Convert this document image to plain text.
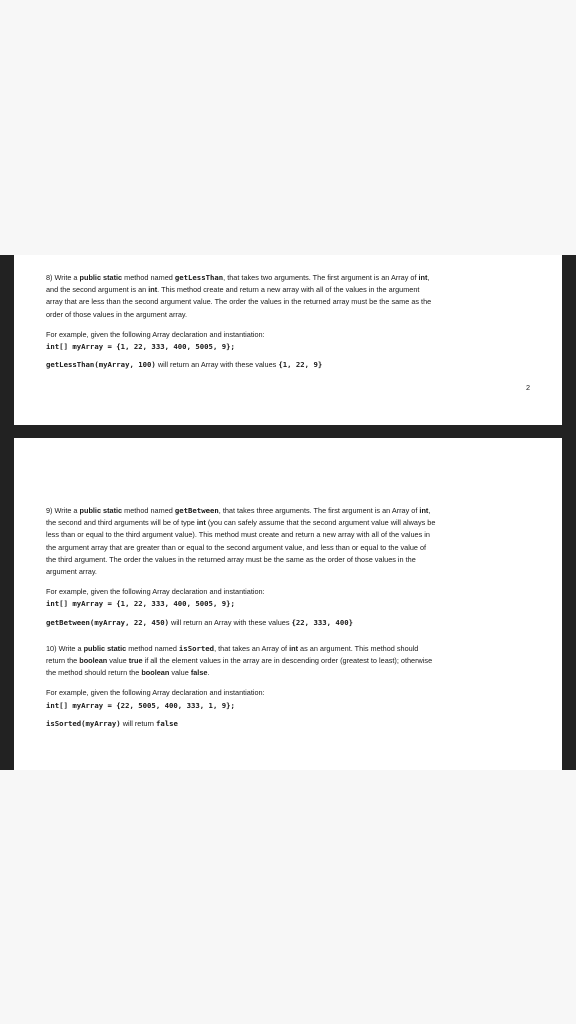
8) Write a public static method named getLessThan, that takes two arguments. The first argument is an Array of int,

and the second argument is an int. This method create and return a new array with all of the values in the argument

array that are less than the second argument value. The order the values in the returned array must be the same as the

order of those values in the argument array.

For example, given the following Array declaration and instantiation:

int[] myArray = {1, 22, 333, 400, 5005, 9};

getLessThan(myArray, 100) will return an Array with these values {1, 22, 9}

2

9) Write a public static method named getBetween, that takes three arguments. The first argument is an Array of int,

the second and third arguments will be of type int (you can safely assume that the second argument value will always be

less than or equal to the third argument value). This method must create and return a new array with all of the values in

the argument array that are greater than or equal to the second argument value, and less than or equal to the value of

the third argument. The order the values in the returned array must be the same as the order of those values in the

argument array.

For example, given the following Array declaration and instantiation:

int[] myArray = {1, 22, 333, 400, 5005, 9};

getBetween(myArray, 22, 450) will return an Array with these values {22, 333, 400}

10) Write a public static method named isSorted, that takes an Array of int as an argument. This method should

return the boolean value true if all the element values in the array are in descending order (greatest to least); otherwise

the method should return the boolean value false.

For example, given the following Array declaration and instantiation:

int[] myArray = {22, 5005, 400, 333, 1, 9};

isSorted(myArray) will return false
